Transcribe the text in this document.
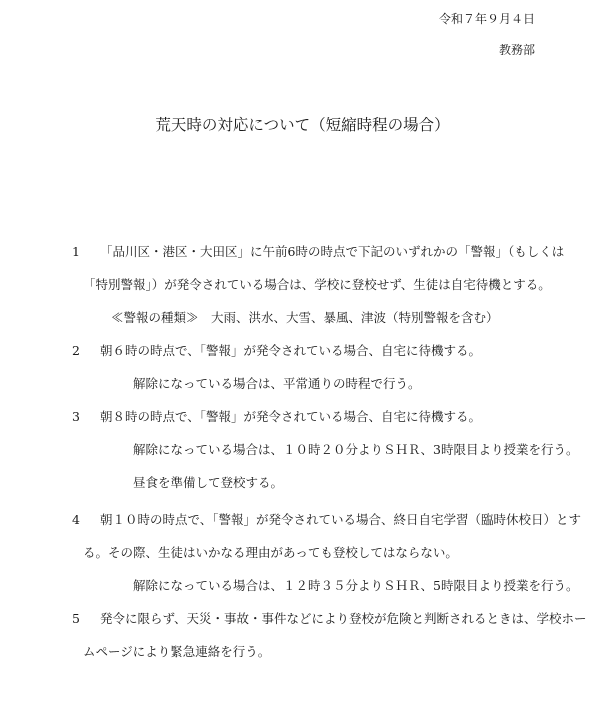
令和７年９月４日
教務部
荒天時の対応について（短縮時程の場合）
1 「品川区・港区・大田区」に午前6時の時点で下記のいずれかの「警報」（もしくは
「特別警報」）が発令されている場合は、学校に登校せず、生徒は自宅待機とする。
≪警報の種類≫　大雨、洪水、大雪、暴風、津波（特別警報を含む）
2 朝６時の時点で、「警報」が発令されている場合、自宅に待機する。
解除になっている場合は、平常通りの時程で行う。
3 朝８時の時点で、「警報」が発令されている場合、自宅に待機する。
解除になっている場合は、１０時２０分よりＳＨＲ、3時限目より授業を行う。
昼食を準備して登校する。
4 朝１０時の時点で、「警報」が発令されている場合、終日自宅学習（臨時休校日）とす
る。その際、生徒はいかなる理由があっても登校してはならない。
解除になっている場合は、１２時３５分よりＳＨＲ、5時限目より授業を行う。
5 発令に限らず、天災・事故・事件などにより登校が危険と判断されるときは、学校ホー
ムページにより緊急連絡を行う。
